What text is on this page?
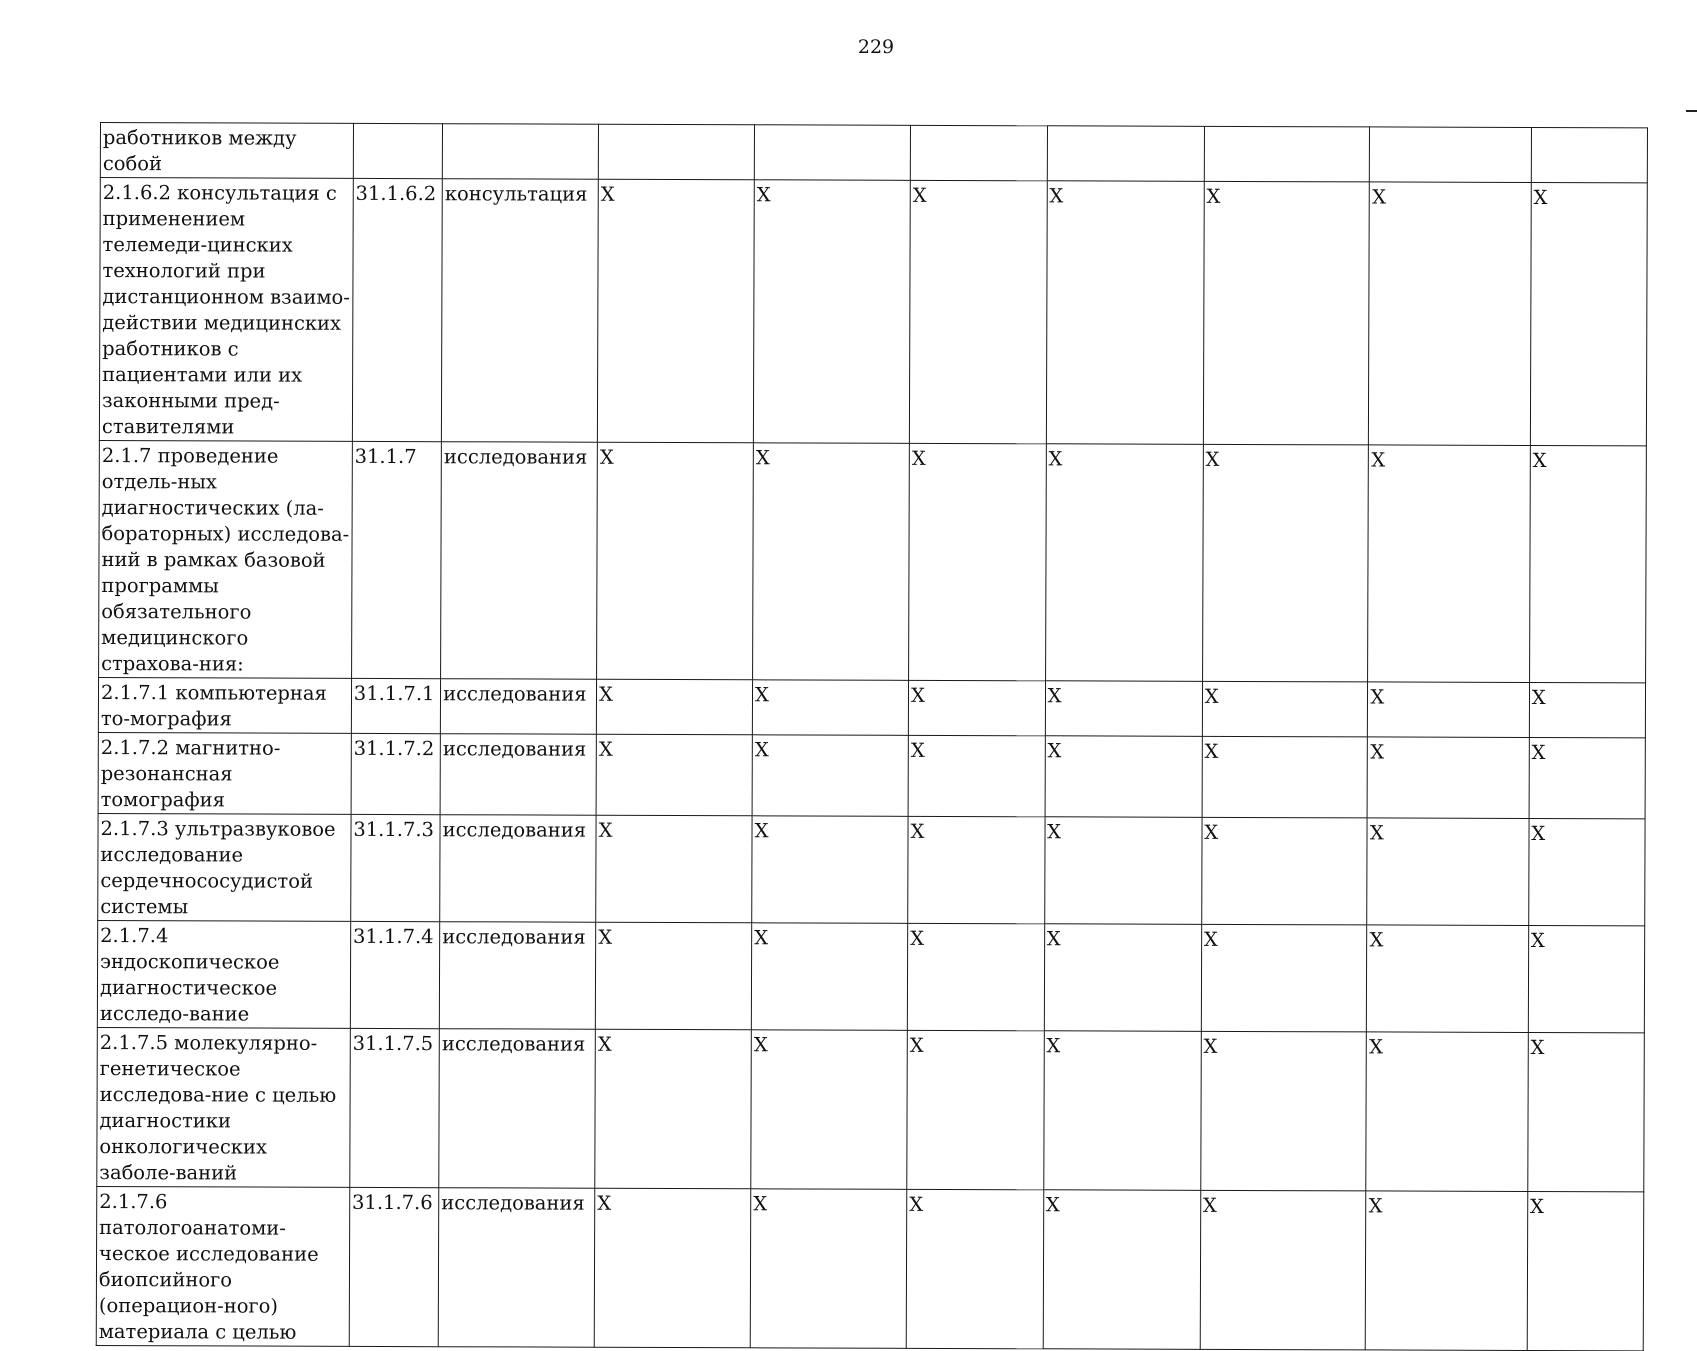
229
работников между собой									
2.1.6.2 консультация с применением телемеди-цинских технологий при дистанционном взаимо-действии медицинских работников с пациентами или их законными пред-ставителями	31.1.6.2	консультация	X	X	X	X	X	X	X
2.1.7 проведение отдель-ных диагностических (ла-бораторных) исследова-ний в рамках базовой программы обязательного медицинского страхова-ния:	31.1.7	исследования	X	X	X	X	X	X	X
2.1.7.1 компьютерная то-мография	31.1.7.1	исследования	X	X	X	X	X	X	X
2.1.7.2 магнитно-резонансная томография	31.1.7.2	исследования	X	X	X	X	X	X	X
2.1.7.3 ультразвуковое исследование сердечнососудистой системы	31.1.7.3	исследования	X	X	X	X	X	X	X
2.1.7.4 эндоскопическое диагностическое исследо-вание	31.1.7.4	исследования	X	X	X	X	X	X	X
2.1.7.5 молекулярно-генетическое исследова-ние с целью диагностики онкологических заболе-ваний	31.1.7.5	исследования	X	X	X	X	X	X	X
2.1.7.6 патологоанатоми-ческое исследование биопсийного (операцион-ного) материала с целью	31.1.7.6	исследования	X	X	X	X	X	X	X
